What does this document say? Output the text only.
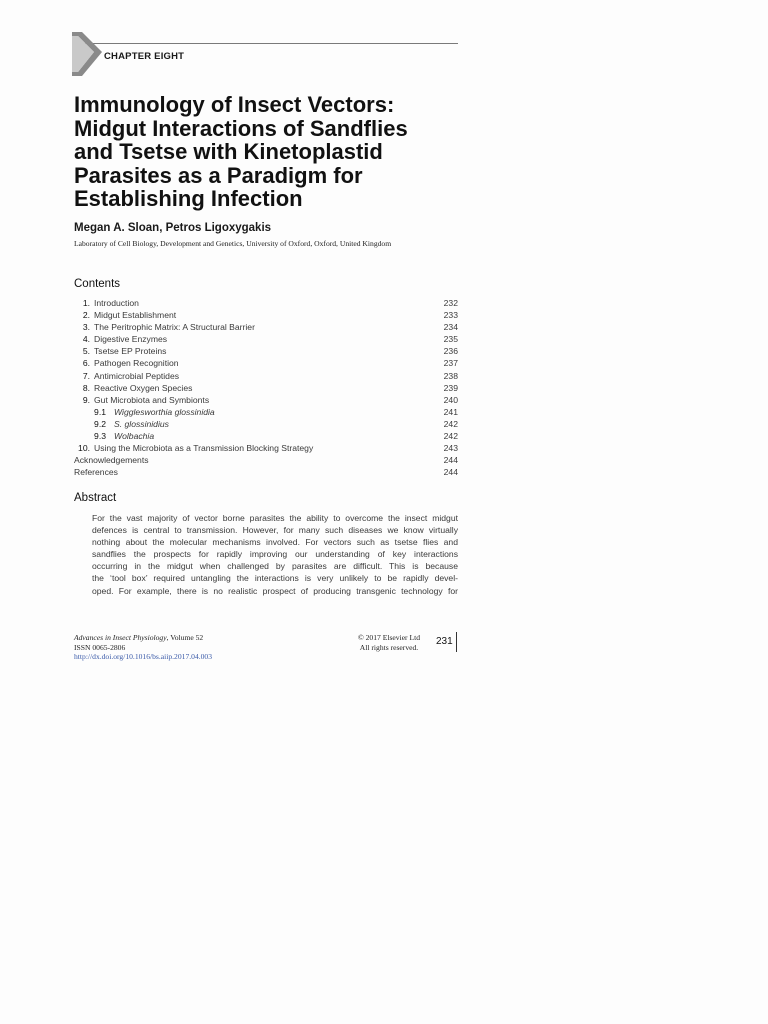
CHAPTER EIGHT
Immunology of Insect Vectors:
Midgut Interactions of Sandflies
and Tsetse with Kinetoplastid
Parasites as a Paradigm for
Establishing Infection
Megan A. Sloan, Petros Ligoxygakis
Laboratory of Cell Biology, Development and Genetics, University of Oxford, Oxford, United Kingdom
Contents
1. Introduction	232
2. Midgut Establishment	233
3. The Peritrophic Matrix: A Structural Barrier	234
4. Digestive Enzymes	235
5. Tsetse EP Proteins	236
6. Pathogen Recognition	237
7. Antimicrobial Peptides	238
8. Reactive Oxygen Species	239
9. Gut Microbiota and Symbionts	240
9.1 Wigglesworthia glossinidia	241
9.2 S. glossinidius	242
9.3 Wolbachia	242
10. Using the Microbiota as a Transmission Blocking Strategy	243
Acknowledgements	244
References	244
Abstract
For the vast majority of vector borne parasites the ability to overcome the insect midgut
defences is central to transmission. However, for many such diseases we know virtually
nothing about the molecular mechanisms involved. For vectors such as tsetse flies and
sandflies the prospects for rapidly improving our understanding of key interactions
occurring in the midgut when challenged by parasites are difficult. This is because
the ‘tool box’ required untangling the interactions is very unlikely to be rapidly devel-
oped. For example, there is no realistic prospect of producing transgenic technology for
Advances in Insect Physiology, Volume 52
ISSN 0065-2806
http://dx.doi.org/10.1016/bs.aiip.2017.04.003
© 2017 Elsevier Ltd
All rights reserved.
231
